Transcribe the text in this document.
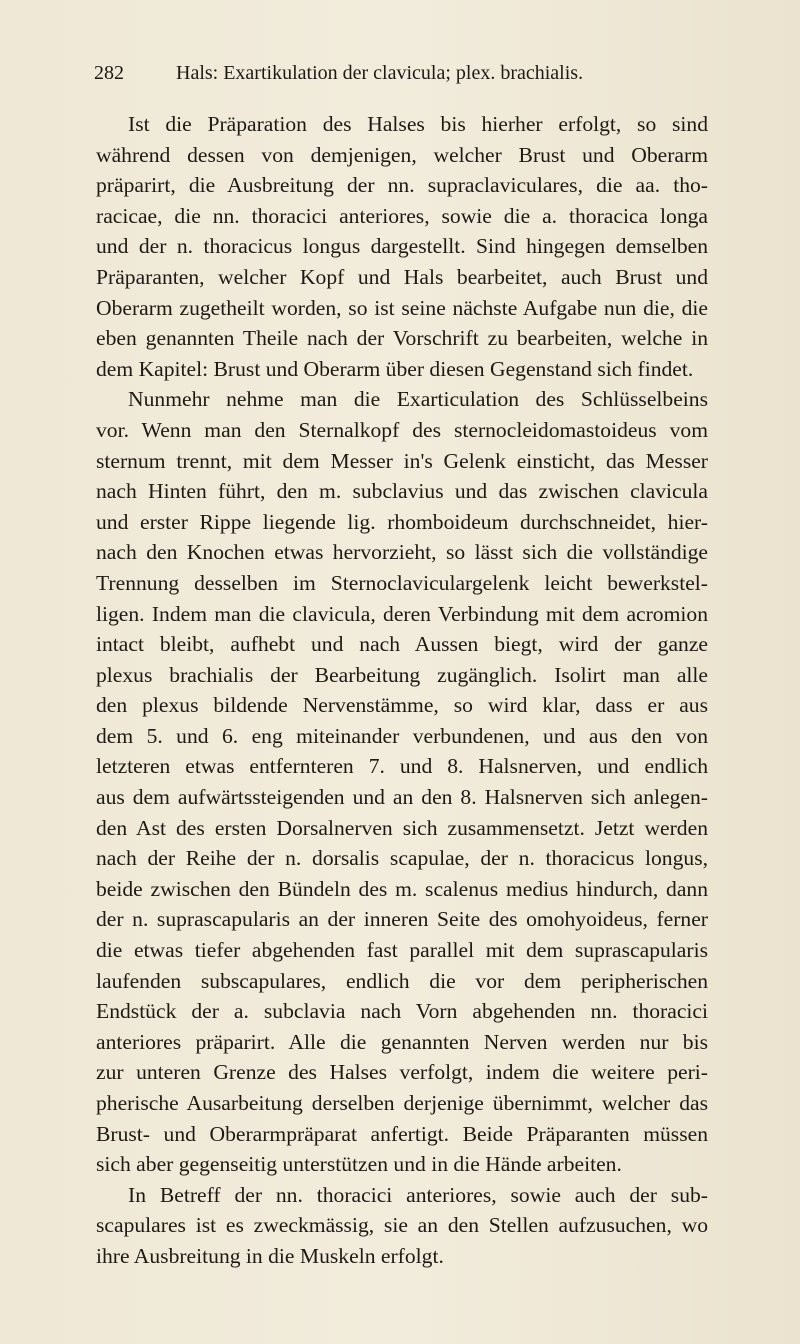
282	Hals: Exartikulation der clavicula; plex. brachialis.
Ist die Präparation des Halses bis hierher erfolgt, so sind
während dessen von demjenigen, welcher Brust und Oberarm
präparirt, die Ausbreitung der nn. supraclaviculares, die aa. tho-
racicae, die nn. thoracici anteriores, sowie die a. thoracica longa
und der n. thoracicus longus dargestellt. Sind hingegen demselben
Präparanten, welcher Kopf und Hals bearbeitet, auch Brust und
Oberarm zugetheilt worden, so ist seine nächste Aufgabe nun die, die
eben genannten Theile nach der Vorschrift zu bearbeiten, welche in
dem Kapitel: Brust und Oberarm über diesen Gegenstand sich findet.
Nunmehr nehme man die Exarticulation des Schlüsselbeins
vor. Wenn man den Sternalkopf des sternocleidomastoideus vom
sternum trennt, mit dem Messer in's Gelenk einsticht, das Messer
nach Hinten führt, den m. subclavius und das zwischen clavicula
und erster Rippe liegende lig. rhomboideum durchschneidet, hier-
nach den Knochen etwas hervorzieht, so lässt sich die vollständige
Trennung desselben im Sternoclaviculargelenk leicht bewerkstel-
ligen. Indem man die clavicula, deren Verbindung mit dem acromion
intact bleibt, aufhebt und nach Aussen biegt, wird der ganze
plexus brachialis der Bearbeitung zugänglich. Isolirt man alle
den plexus bildende Nervenstämme, so wird klar, dass er aus
dem 5. und 6. eng miteinander verbundenen, und aus den von
letzteren etwas entfernteren 7. und 8. Halsnerven, und endlich
aus dem aufwärtssteigenden und an den 8. Halsnerven sich anlegen-
den Ast des ersten Dorsalnerven sich zusammensetzt. Jetzt werden
nach der Reihe der n. dorsalis scapulae, der n. thoracicus longus,
beide zwischen den Bündeln des m. scalenus medius hindurch, dann
der n. suprascapularis an der inneren Seite des omohyoideus, ferner
die etwas tiefer abgehenden fast parallel mit dem suprascapularis
laufenden subscapulares, endlich die vor dem peripherischen
Endstück der a. subclavia nach Vorn abgehenden nn. thoracici
anteriores präparirt. Alle die genannten Nerven werden nur bis
zur unteren Grenze des Halses verfolgt, indem die weitere peri-
pherische Ausarbeitung derselben derjenige übernimmt, welcher das
Brust- und Oberarmpräparat anfertigt. Beide Präparanten müssen
sich aber gegenseitig unterstützen und in die Hände arbeiten.
In Betreff der nn. thoracici anteriores, sowie auch der sub-
scapulares ist es zweckmässig, sie an den Stellen aufzusuchen, wo
ihre Ausbreitung in die Muskeln erfolgt.
